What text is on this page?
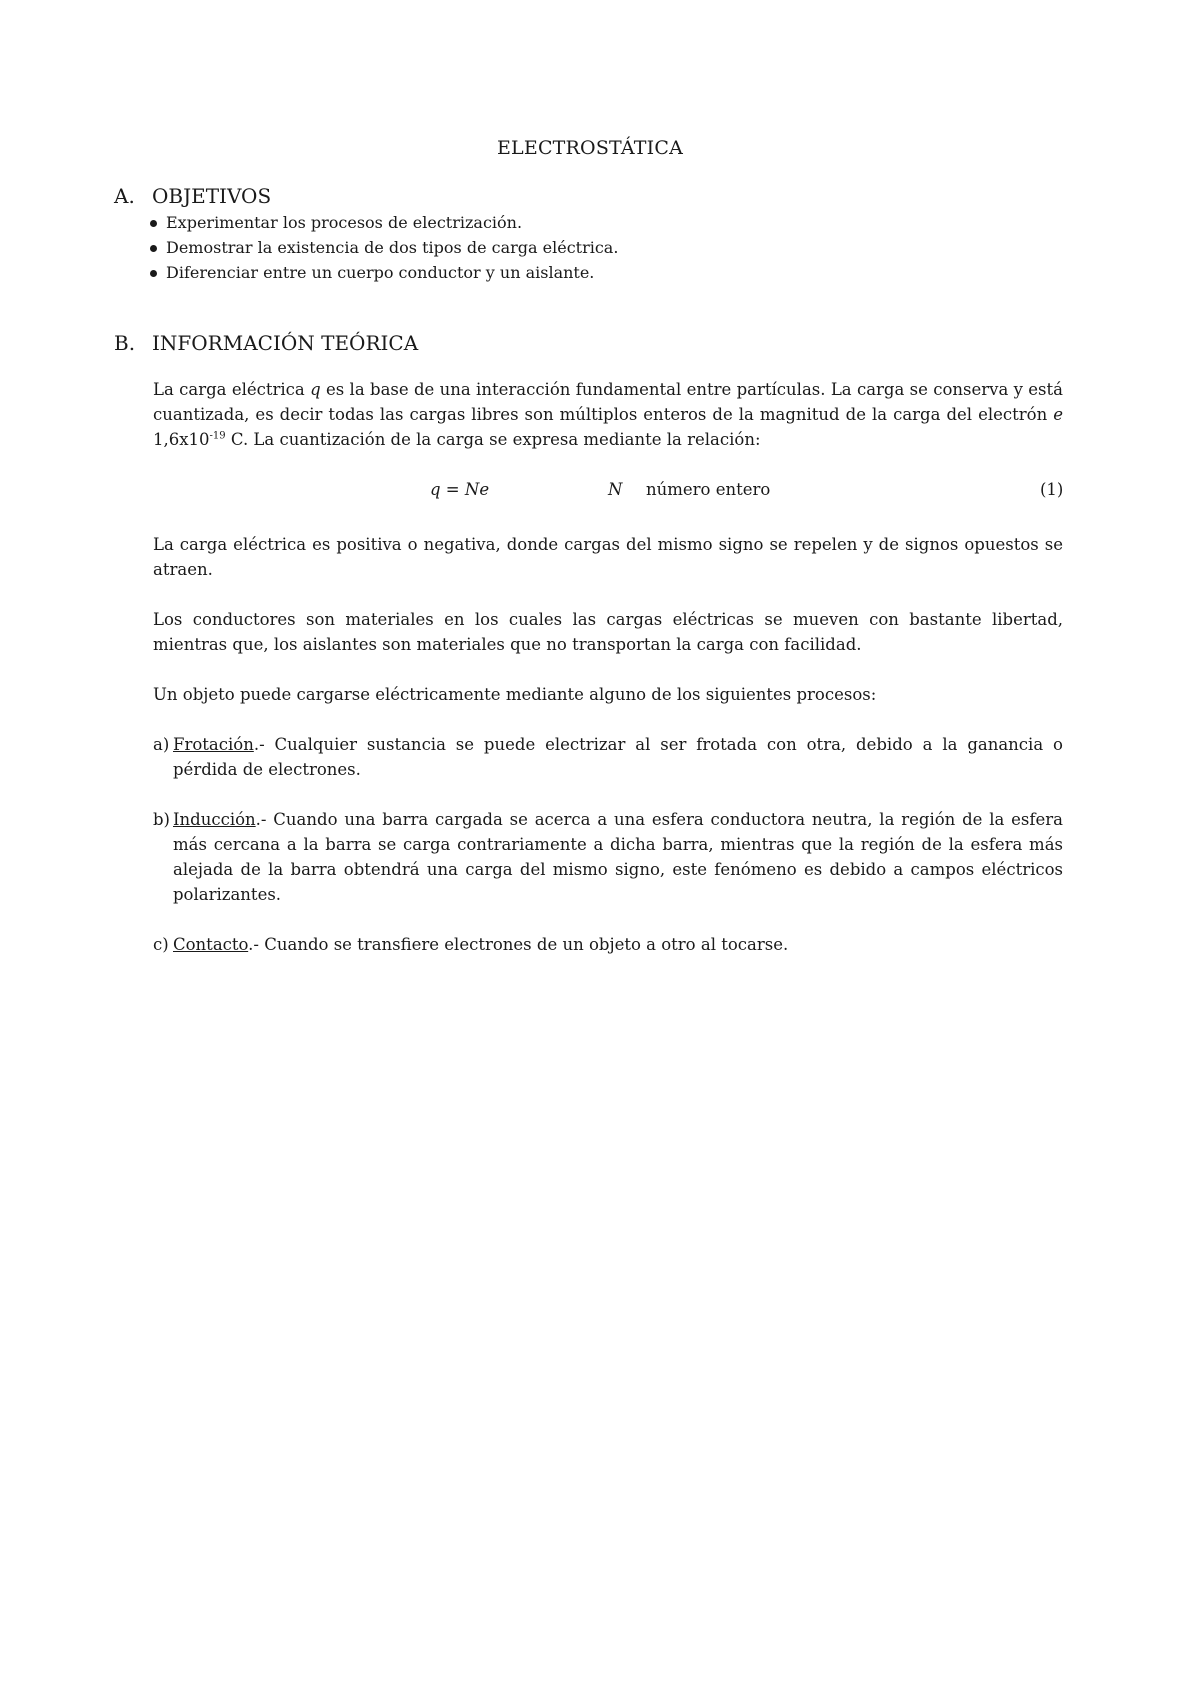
ELECTROSTÁTICA
A. OBJETIVOS
Experimentar los procesos de electrización.
Demostrar la existencia de dos tipos de carga eléctrica.
Diferenciar entre un cuerpo conductor y un aislante.
B. INFORMACIÓN TEÓRICA

La carga eléctrica q es la base de una interacción fundamental entre partículas. La carga se conserva y está cuantizada, es decir todas las cargas libres son múltiplos enteros de la magnitud de la carga del electrón e $1,6x10^{-19}$ C. La cuantización de la carga se expresa mediante la relación:

q = Ne	N número entero	(1)

La carga eléctrica es positiva o negativa, donde cargas del mismo signo se repelen y de signos opuestos se atraen.

Los conductores son materiales en los cuales las cargas eléctricas se mueven con bastante libertad, mientras que, los aislantes son materiales que no transportan la carga con facilidad.

Un objeto puede cargarse eléctricamente mediante alguno de los siguientes procesos:

a) Frotación.- Cualquier sustancia se puede electrizar al ser frotada con otra, debido a la ganancia o pérdida de electrones.
b) Inducción.- Cuando una barra cargada se acerca a una esfera conductora neutra, la región de la esfera más cercana a la barra se carga contrariamente a dicha barra, mientras que la región de la esfera más alejada de la barra obtendrá una carga del mismo signo, este fenómeno es debido a campos eléctricos polarizantes.
c) Contacto.- Cuando se transfiere electrones de un objeto a otro al tocarse.
